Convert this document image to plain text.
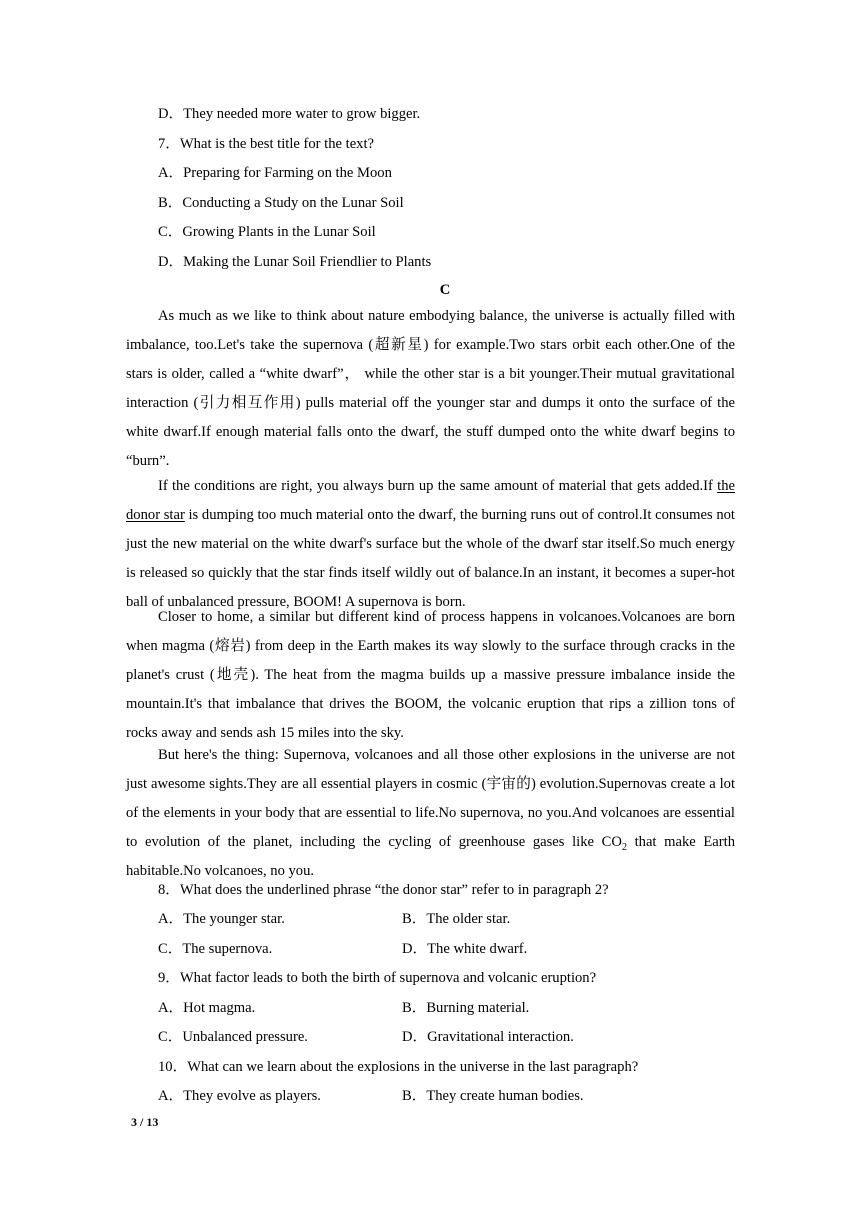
D．They needed more water to grow bigger.
7．What is the best title for the text?
A．Preparing for Farming on the Moon
B．Conducting a Study on the Lunar Soil
C．Growing Plants in the Lunar Soil
D．Making the Lunar Soil Friendlier to Plants
C

As much as we like to think about nature embodying balance, the universe is actually filled with imbalance, too.Let's take the supernova (超新星) for example.Two stars orbit each other.One of the stars is older, called a “white dwarf”， while the other star is a bit younger.Their mutual gravitational interaction (引力相互作用) pulls material off the younger star and dumps it onto the surface of the white dwarf.If enough material falls onto the dwarf, the stuff dumped onto the white dwarf begins to “burn”.

If the conditions are right, you always burn up the same amount of material that gets added.If the donor star is dumping too much material onto the dwarf, the burning runs out of control.It consumes not just the new material on the white dwarf's surface but the whole of the dwarf star itself.So much energy is released so quickly that the star finds itself wildly out of balance.In an instant, it becomes a super-hot ball of unbalanced pressure, BOOM! A supernova is born.

Closer to home, a similar but different kind of process happens in volcanoes.Volcanoes are born when magma (熔岩) from deep in the Earth makes its way slowly to the surface through cracks in the planet's crust (地壳). The heat from the magma builds up a massive pressure imbalance inside the mountain.It's that imbalance that drives the BOOM, the volcanic eruption that rips a zillion tons of rocks away and sends ash 15 miles into the sky.

But here's the thing: Supernova, volcanoes and all those other explosions in the universe are not just awesome sights.They are all essential players in cosmic (宇宙的) evolution.Supernovas create a lot of the elements in your body that are essential to life.No supernova, no you.And volcanoes are essential to evolution of the planet, including the cycling of greenhouse gases like $CO_2$ that make Earth habitable.No volcanoes, no you.

8．What does the underlined phrase “the donor star” refer to in paragraph 2?
A．The younger star.	B．The older star.
C．The supernova.	D．The white dwarf.
9．What factor leads to both the birth of supernova and volcanic eruption?
A．Hot magma.	B．Burning material.
C．Unbalanced pressure.	D．Gravitational interaction.
10．What can we learn about the explosions in the universe in the last paragraph?
A．They evolve as players.	B．They create human bodies.
3 / 13
